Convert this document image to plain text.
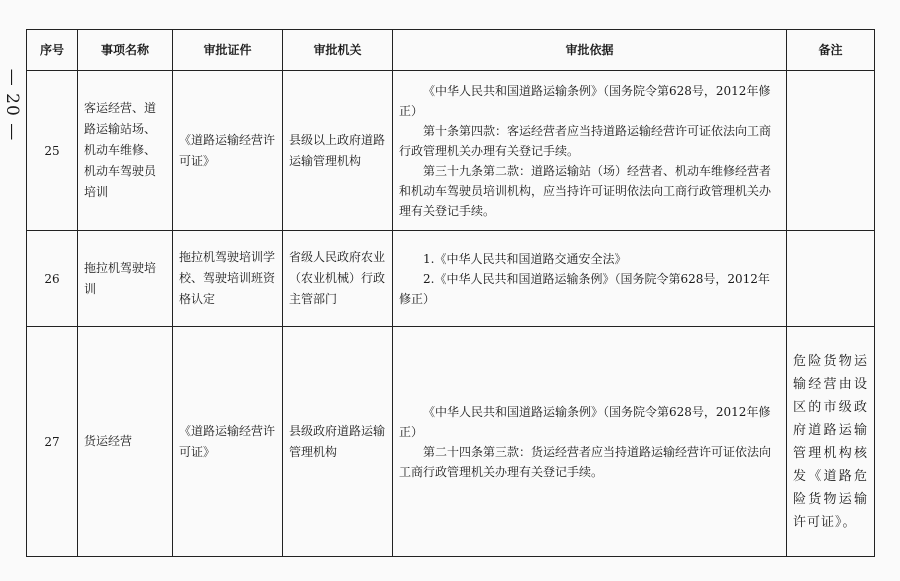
— 20 —
序号	事项名称	审批证件	审批机关	审批依据	备注
25	客运经营、道路运输站场、机动车维修、机动车驾驶员培训	《道路运输经营许可证》	县级以上政府道路运输管理机构	《中华人民共和国道路运输条例》（国务院令第628号，2012年修正）

第十条第四款：客运经营者应当持道路运输经营许可证依法向工商行政管理机关办理有关登记手续。

第三十九条第二款：道路运输站（场）经营者、机动车维修经营者和机动车驾驶员培训机构，应当持许可证明依法向工商行政管理机关办理有关登记手续。	

26	拖拉机驾驶培训	拖拉机驾驶培训学校、驾驶培训班资格认定	省级人民政府农业（农业机械）行政主管部门	1.《中华人民共和国道路交通安全法》

2.《中华人民共和国道路运输条例》（国务院令第628号，2012年修正）	

27	货运经营	《道路运输经营许可证》	县级政府道路运输管理机构	《中华人民共和国道路运输条例》（国务院令第628号，2012年修正）

第二十四条第三款：货运经营者应当持道路运输经营许可证依法向工商行政管理机关办理有关登记手续。	危险货物运输经营由设区的市级政府道路运输管理机构核发《道路危险货物运输许可证》。
